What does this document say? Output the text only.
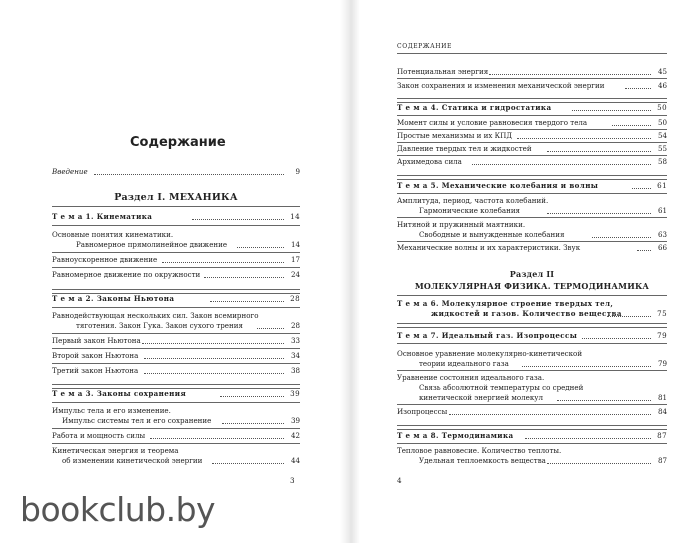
Содержание
Введение	9
Раздел I. МЕХАНИКА
Т е м а 1. Кинематика	14
Основные понятия кинематики.
Равномерное прямолинейное движение	14
Равноускоренное движение	17
Равномерное движение по окружности	24
Т е м а 2. Законы Ньютона	28
Равнодействующая нескольких сил. Закон всемирного
тяготения. Закон Гука. Закон сухого трения	28
Первый закон Ньютона	33
Второй закон Ньютона	34
Третий закон Ньютона	38
Т е м а 3. Законы сохранения	39
Импульс тела и его изменение.
Импульс системы тел и его сохранение	39
Работа и мощность силы	42
Кинетическая энергия и теорема
об изменении кинетической энергии	44
3
СОДЕРЖАНИЕ
Потенциальная энергия	45
Закон сохранения и изменения механической энергии	46
Т е м а 4. Статика и гидростатика	50
Момент силы и условие равновесия твердого тела	50
Простые механизмы и их КПД	54
Давление твердых тел и жидкостей	55
Архимедова сила	58
Т е м а 5. Механические колебания и волны	61
Амплитуда, период, частота колебаний.
Гармонические колебания	61
Нитяной и пружинный маятники.
Свободные и вынужденные колебания	63
Механические волны и их характеристики. Звук	66
Раздел II
МОЛЕКУЛЯРНАЯ ФИЗИКА. ТЕРМОДИНАМИКА
Т е м а 6. Молекулярное строение твердых тел,
жидкостей и газов. Количество вещества	75
Т е м а 7. Идеальный газ. Изопроцессы	79
Основное уравнение молекулярно-кинетической
теории идеального газа	79
Уравнение состояния идеального газа.
Связь абсолютной температуры со средней
кинетической энергией молекул	81
Изопроцессы	84
Т е м а 8. Термодинамика	87
Тепловое равновесие. Количество теплоты.
Удельная теплоемкость вещества	87
4
bookclub.by
